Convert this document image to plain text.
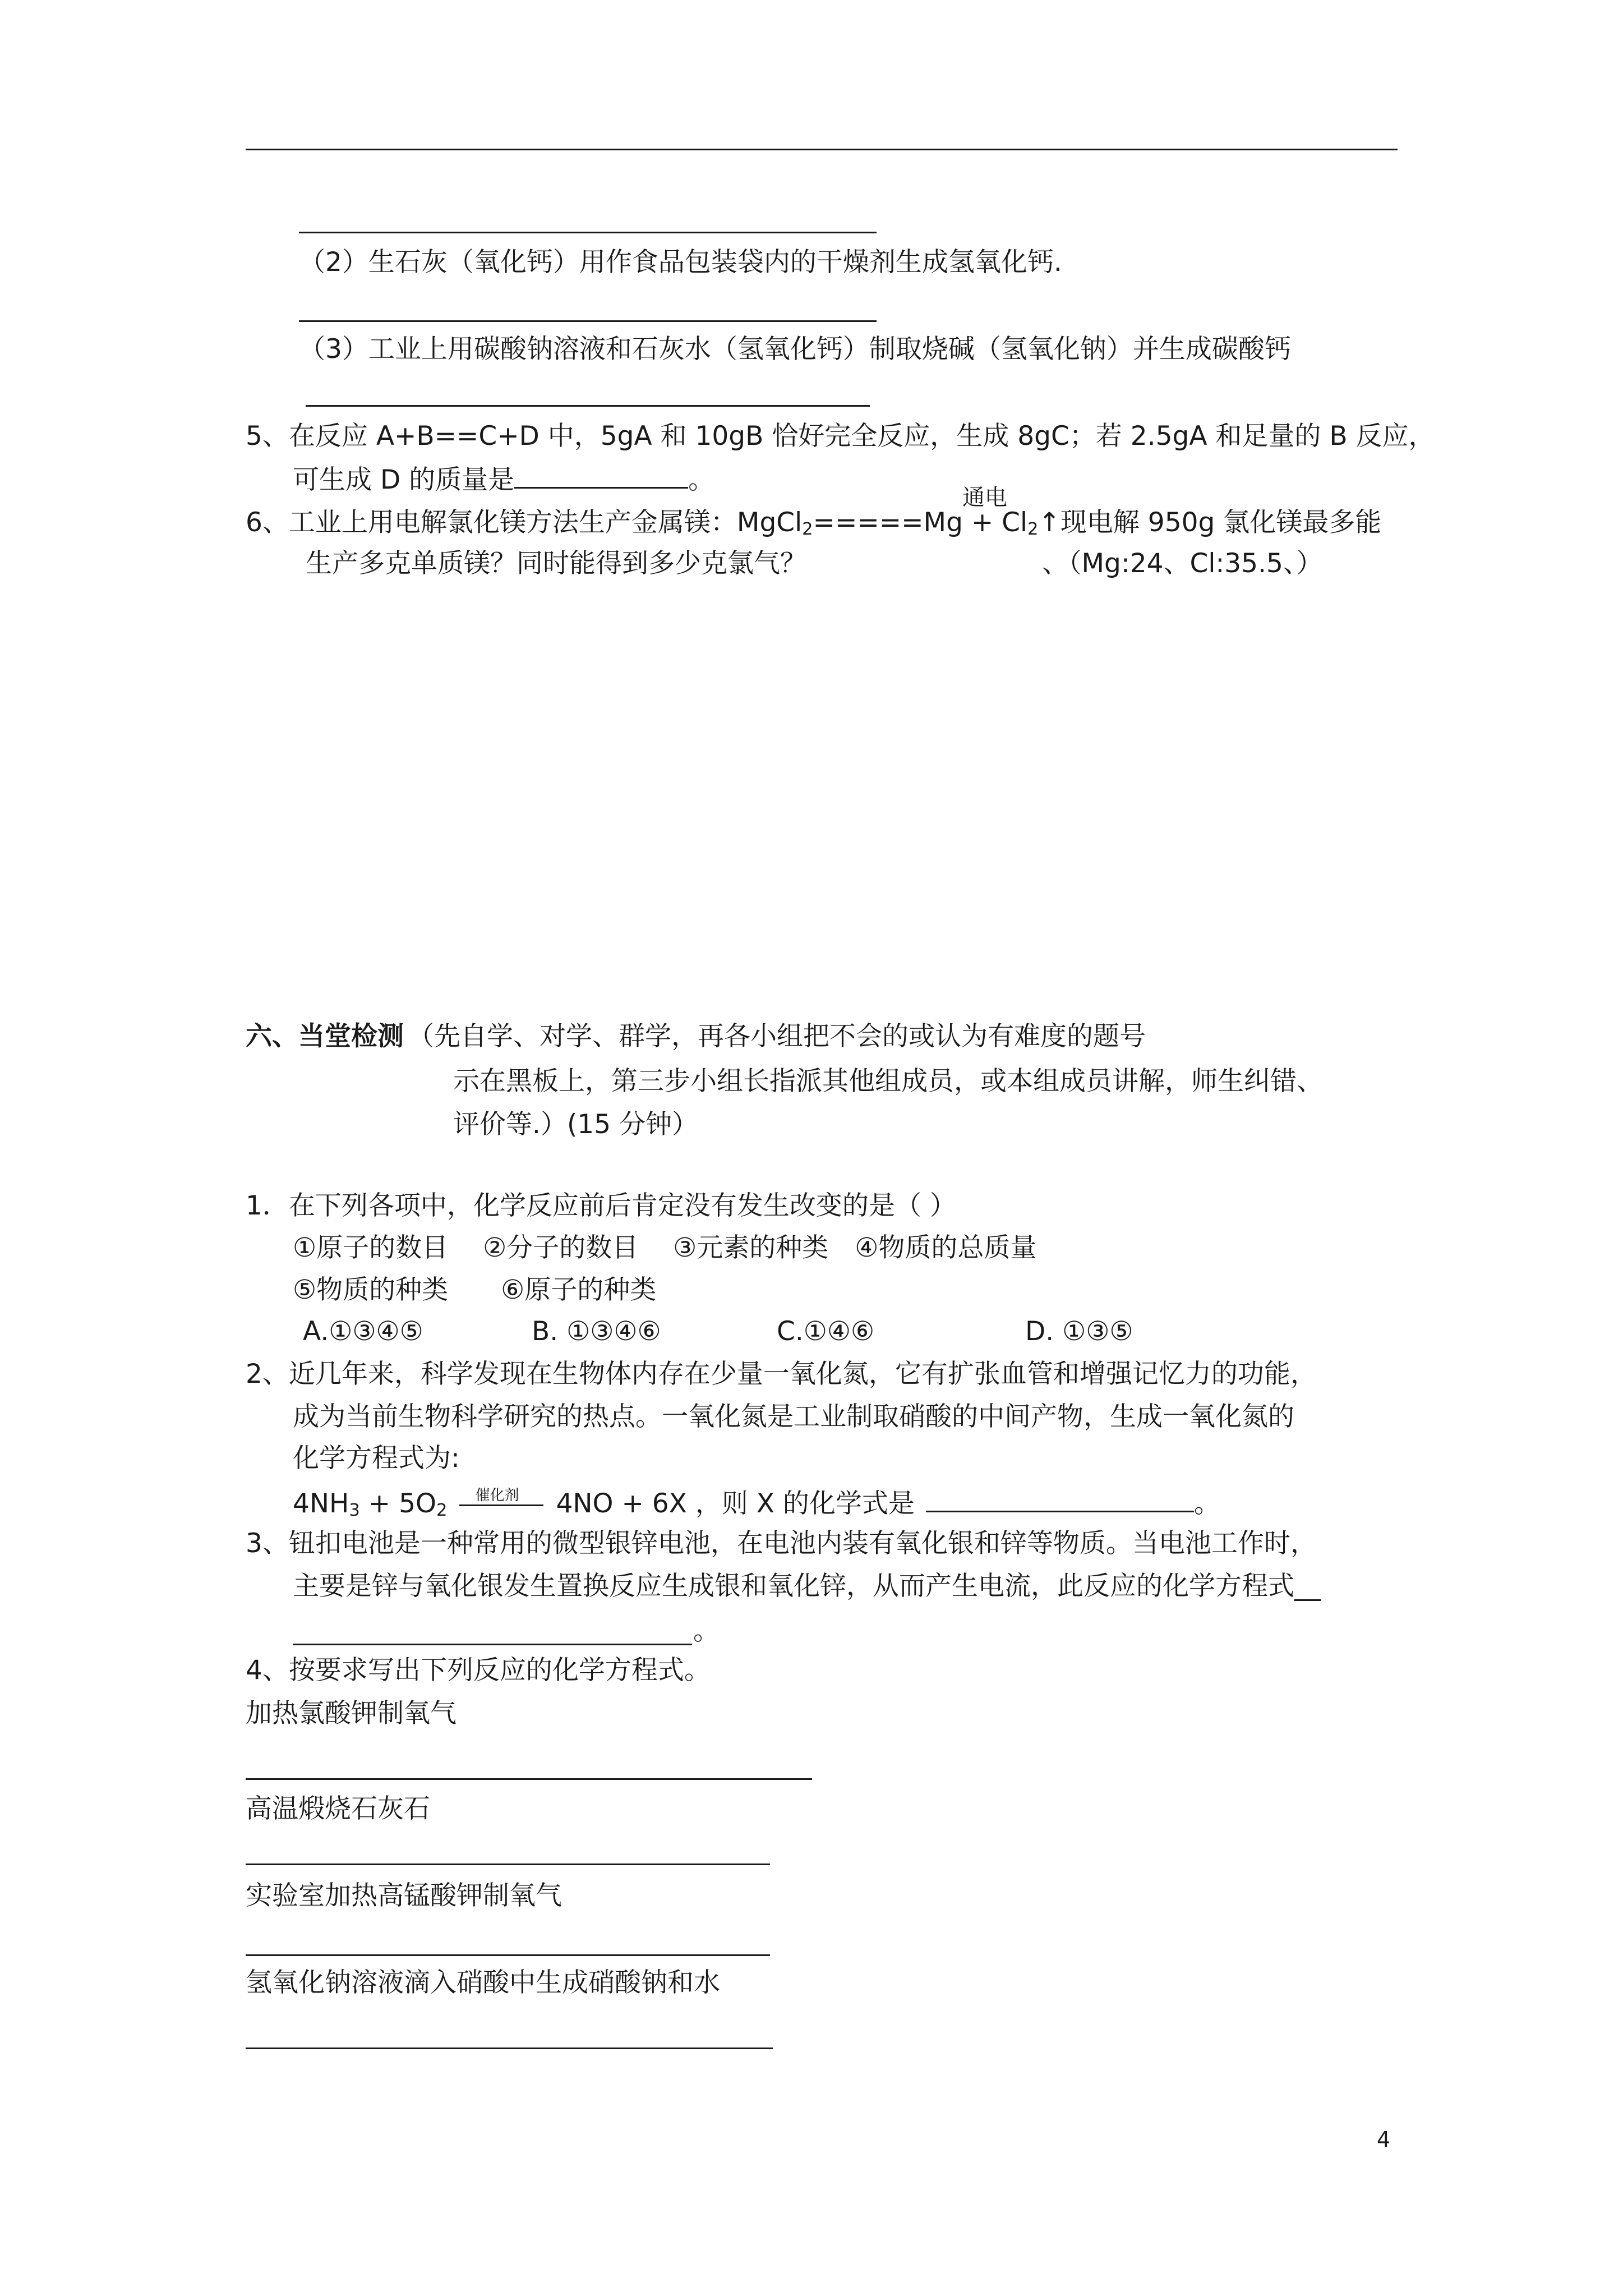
（2）生石灰（氧化钙）用作食品包装袋内的干燥剂生成氢氧化钙.
（3）工业上用碳酸钠溶液和石灰水（氢氧化钙）制取烧碱（氢氧化钠）并生成碳酸钙
5、在反应 A+B==C+D 中，5gA 和 10gB 恰好完全反应，生成 8gC；若 2.5gA 和足量的 B 反应，
可生成 D 的质量是	。
通电
6、工业上用电解氯化镁方法生产金属镁：MgCl$_2$=====Mg + $Cl_2↑$现电解 950g 氯化镁最多能
生产多克单质镁？同时能得到多少克氯气？	、（Mg:24、Cl:35.5、）
六、当堂检测 （先自学、对学、群学，再各小组把不会的或认为有难度的题号
示在黑板上，第三步小组长指派其他组成员，或本组成员讲解，师生纠错、
评价等.）(15 分钟）
1．在下列各项中，化学反应前后肯定没有发生改变的是（ ）
①原子的数目　 ②分子的数目　 ③元素的种类　④物质的总质量
⑤物质的种类　　⑥原子的种类
A.①③④⑤	B. ①③④⑥	C.①④⑥	D. ①③⑤
2、近几年来，科学发现在生物体内存在少量一氧化氮，它有扩张血管和增强记忆力的功能，
成为当前生物科学研究的热点。一氧化氮是工业制取硝酸的中间产物，生成一氧化氮的
化学方程式为:
$4NH_3 + 5O_2$
催化剂 4NO + 6X ，则 X 的化学式是	。
3、钮扣电池是一种常用的微型银锌电池，在电池内装有氧化银和锌等物质。当电池工作时，
主要是锌与氧化银发生置换反应生成银和氧化锌，从而产生电流，此反应的化学方程式__
。
4、按要求写出下列反应的化学方程式。
加热氯酸钾制氧气
高温煅烧石灰石
实验室加热高锰酸钾制氧气
氢氧化钠溶液滴入硝酸中生成硝酸钠和水
4
